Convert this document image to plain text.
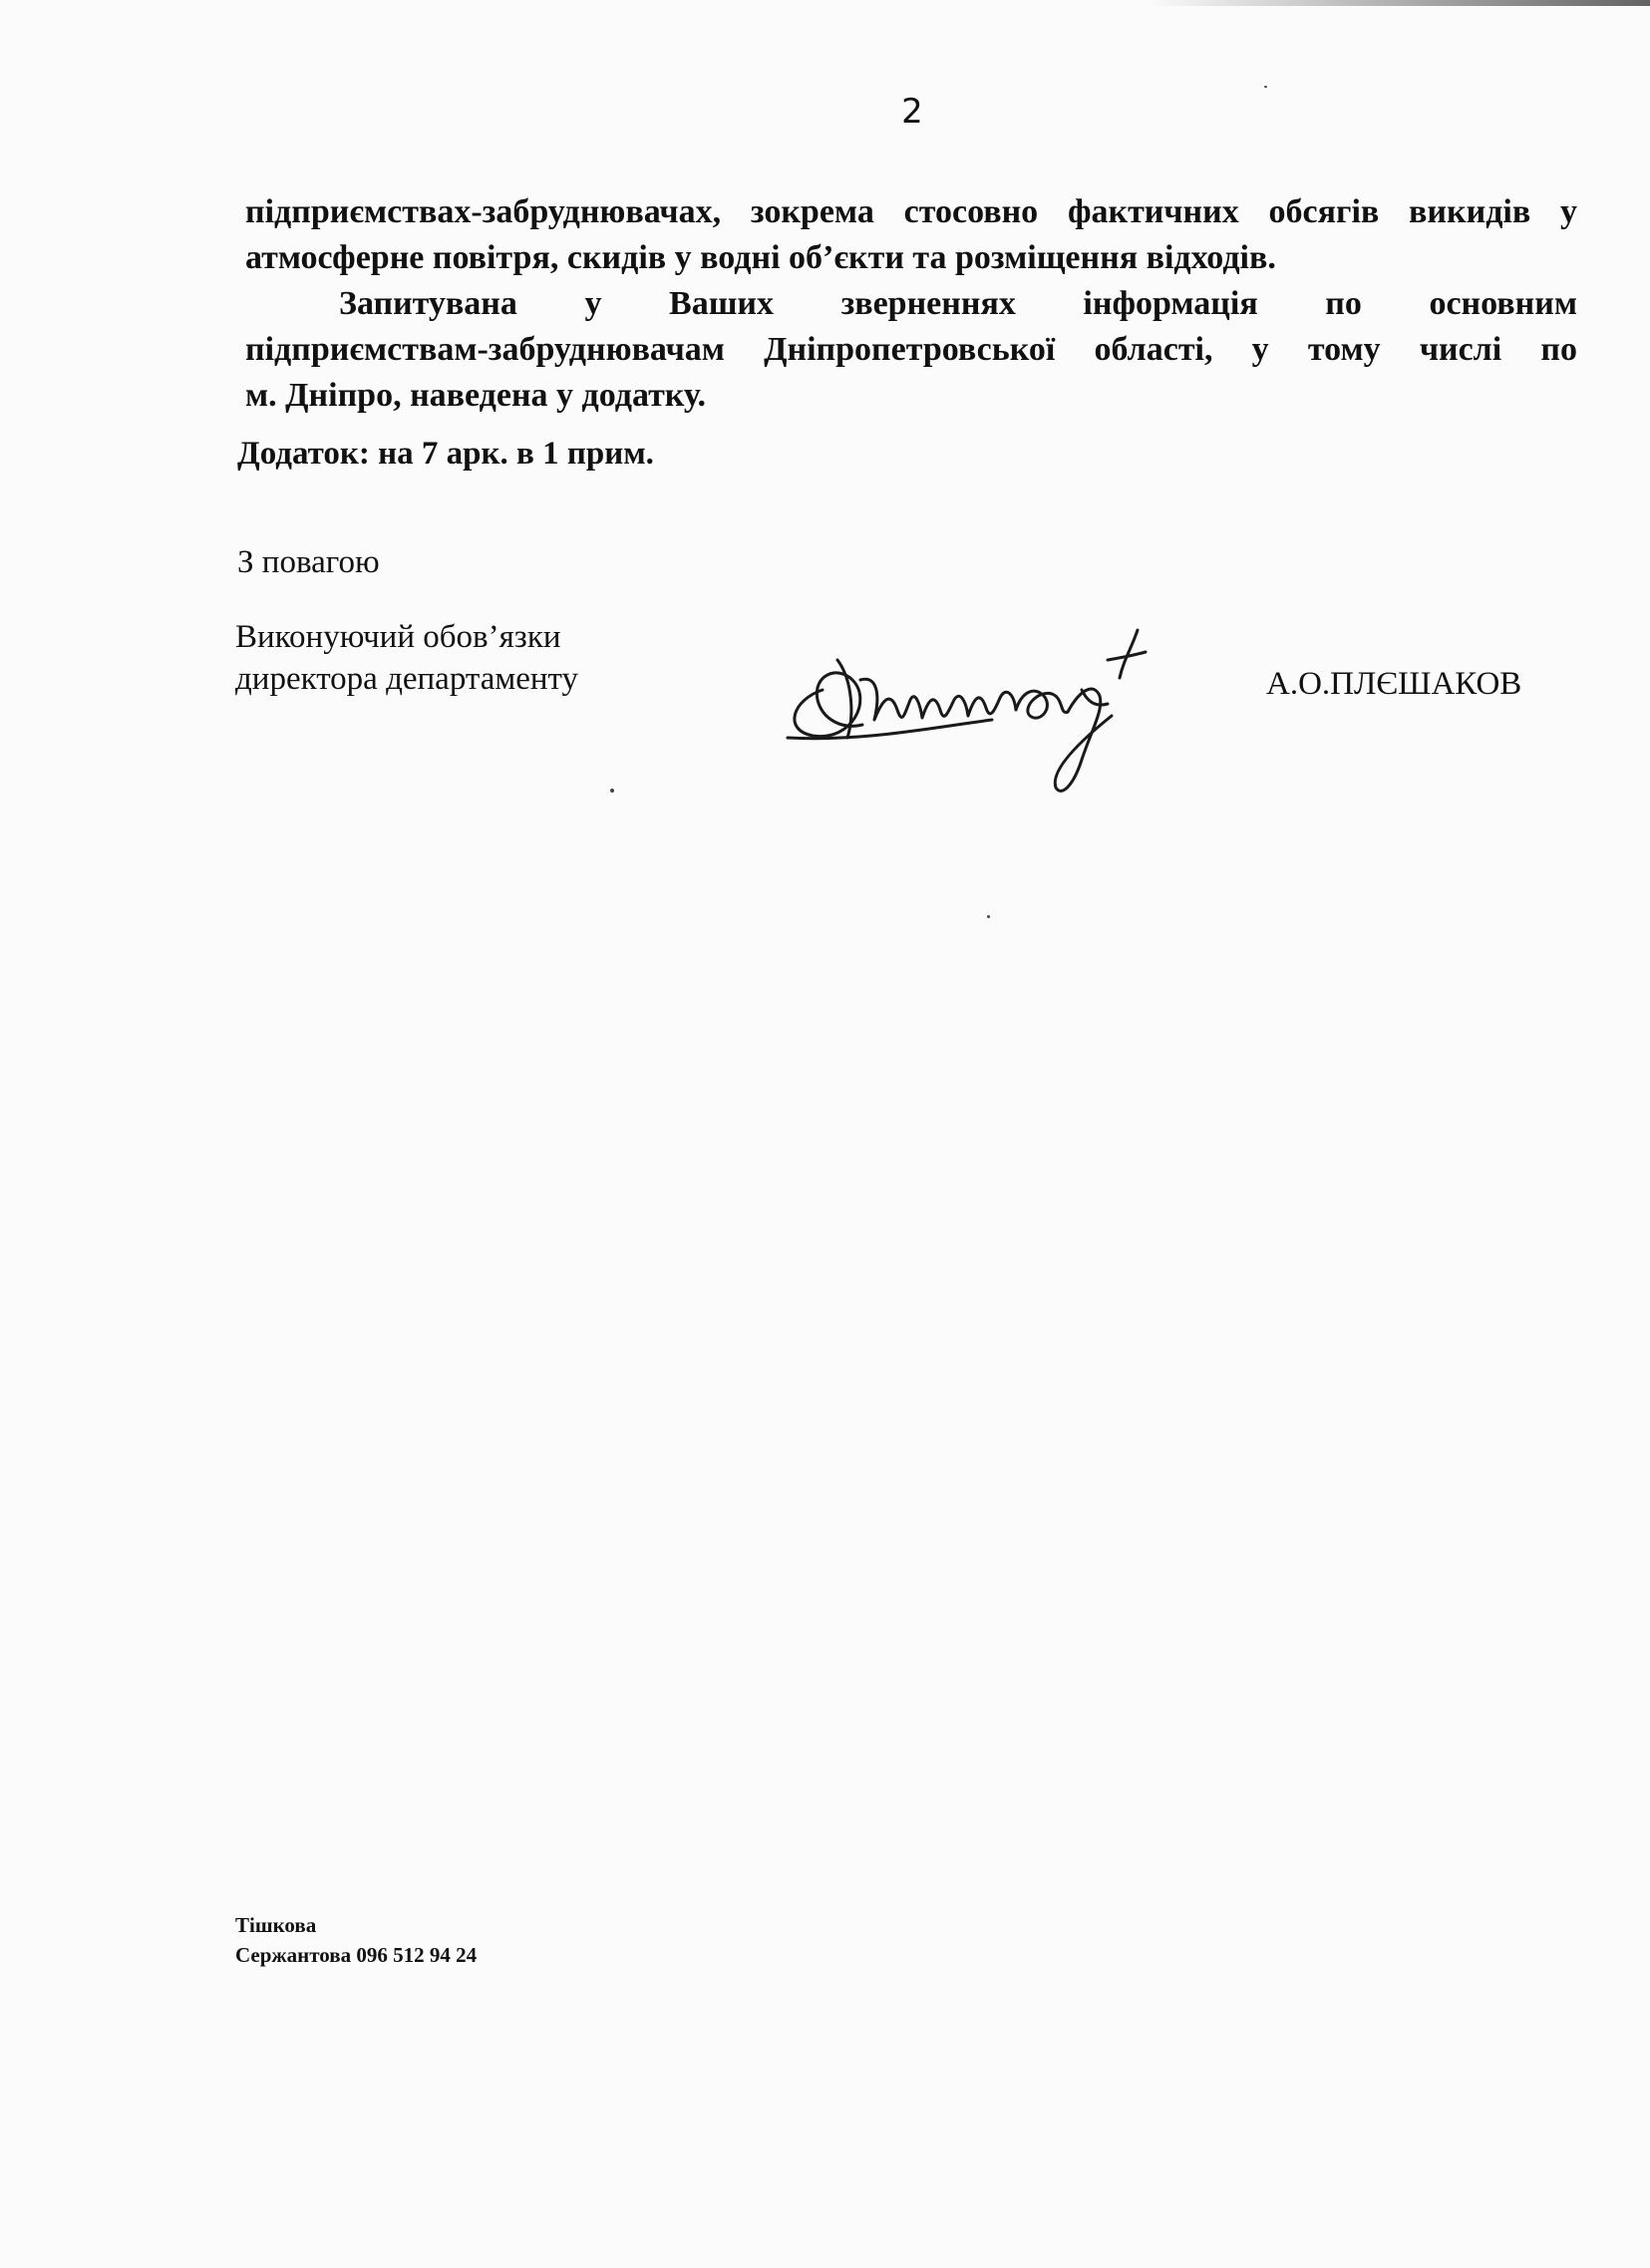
2
підприємствах-забруднювачах, зокрема стосовно фактичних обсягів викидів у
атмосферне повітря, скидів у водні об’єкти та розміщення відходів.
Запитувана у Ваших зверненнях інформація по основним
підприємствам-забруднювачам Дніпропетровської області, у тому числі по
м. Дніпро, наведена у додатку.
Додаток: на 7 арк. в 1 прим.
З повагою
Виконуючий обов’язки
директора департаменту	А.О.ПЛЄШАКОВ
Тішкова
Сержантова 096 512 94 24
